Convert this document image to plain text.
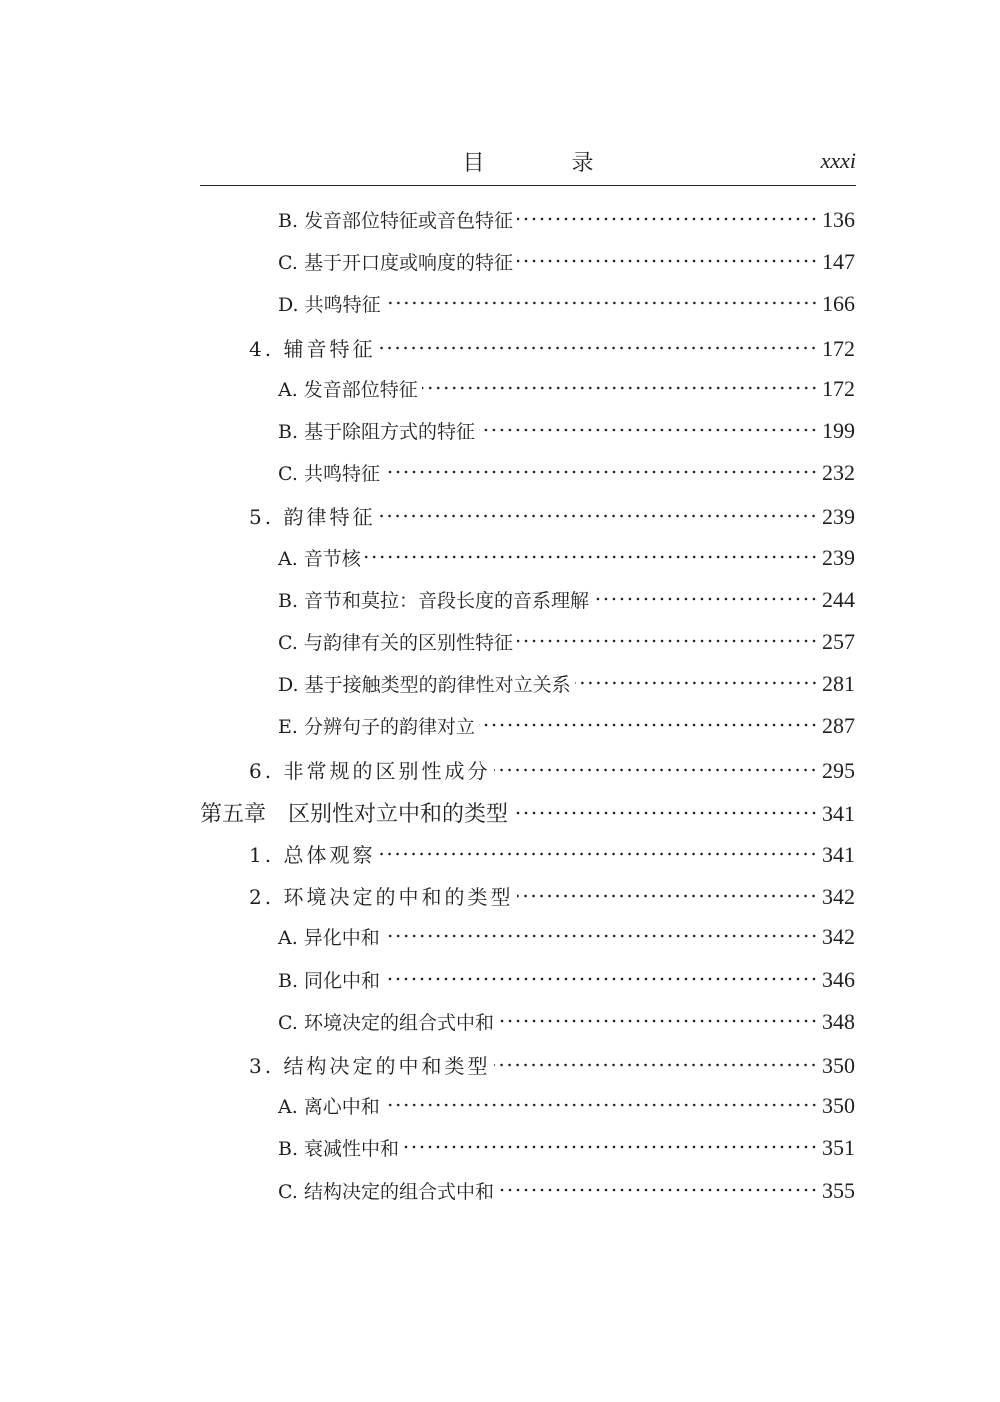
目 录	xxxi
B. 发音部位特征或音色特征	136
C. 基于开口度或响度的特征	147
D. 共鸣特征	166
4. 辅音特征	172
A. 发音部位特征	172
B. 基于除阻方式的特征	199
C. 共鸣特征	232
5. 韵律特征	239
A. 音节核	239
B. 音节和莫拉：音段长度的音系理解	244
C. 与韵律有关的区别性特征	257
D. 基于接触类型的韵律性对立关系	281
E. 分辨句子的韵律对立	287
6. 非常规的区别性成分	295
第五章　区别性对立中和的类型	341
1. 总体观察	341
2. 环境决定的中和的类型	342
A. 异化中和	342
B. 同化中和	346
C. 环境决定的组合式中和	348
3. 结构决定的中和类型	350
A. 离心中和	350
B. 衰减性中和	351
C. 结构决定的组合式中和	355
